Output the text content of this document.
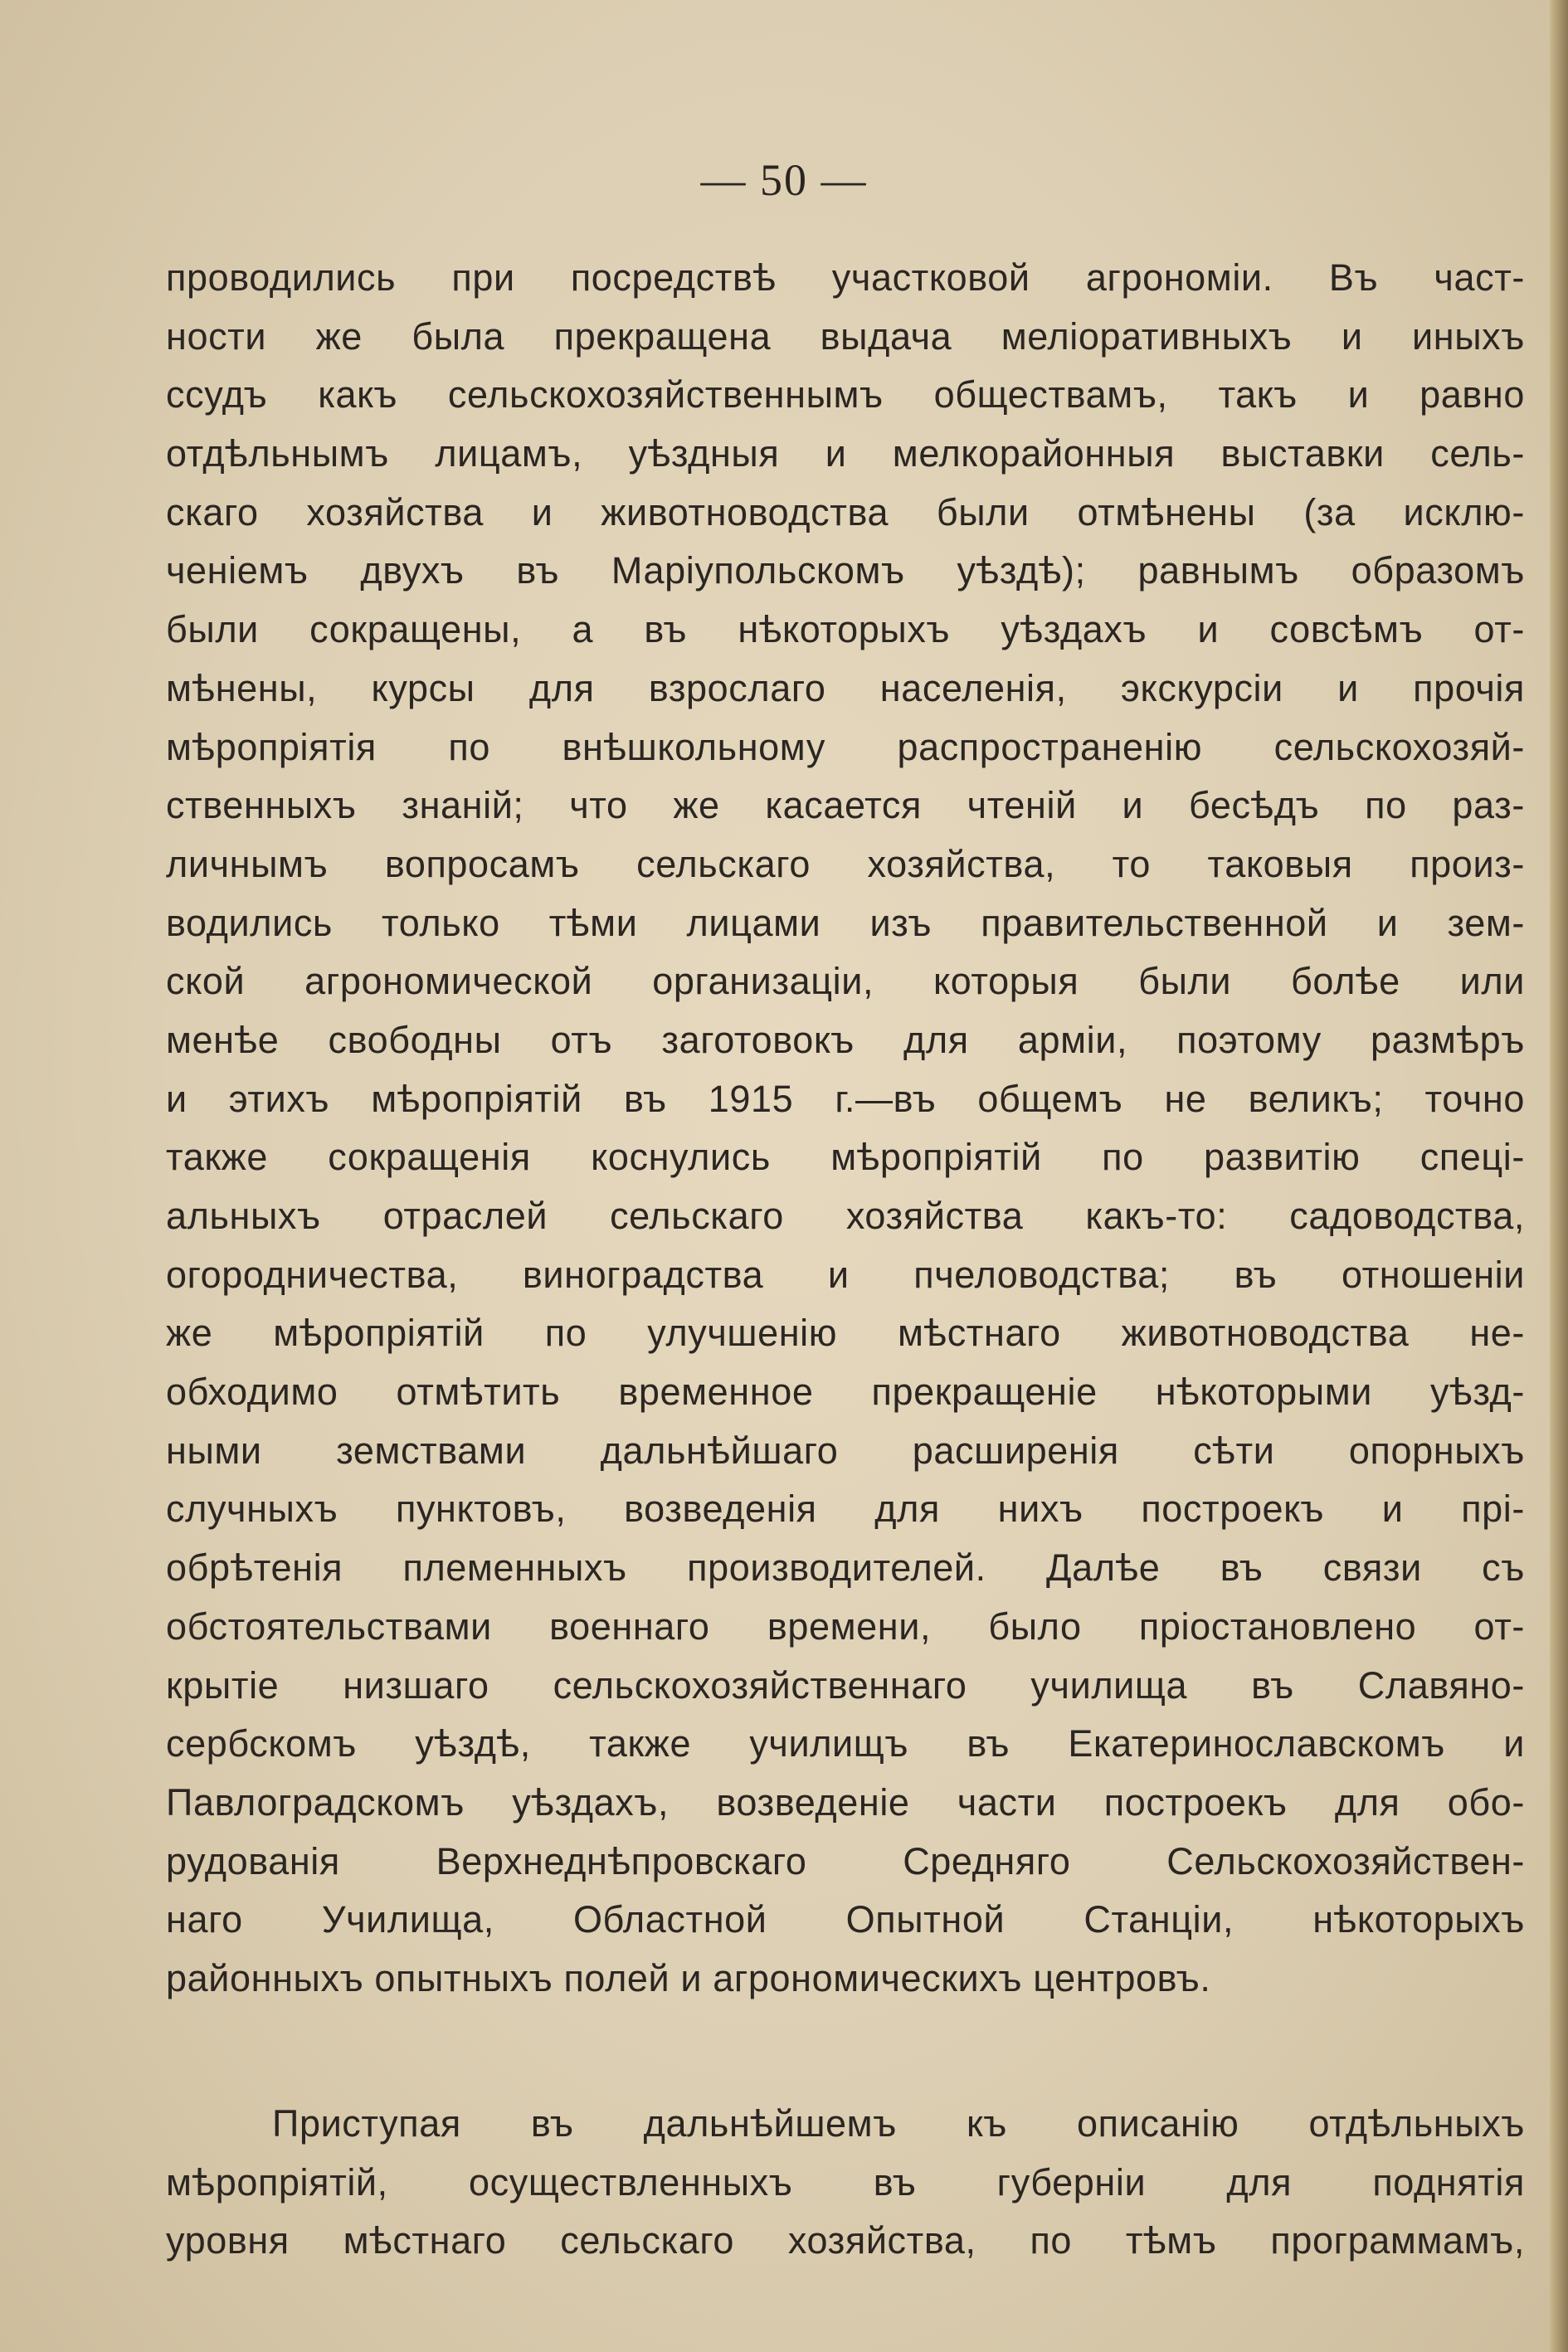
— 50 —
проводились при посредствѣ участковой агрономіи. Въ част-
ности же была прекращена выдача меліоративныхъ и иныхъ
ссудъ какъ сельскохозяйственнымъ обществамъ, такъ и равно
отдѣльнымъ лицамъ, уѣздныя и мелкорайонныя выставки сель-
скаго хозяйства и животноводства были отмѣнены (за исклю-
ченіемъ двухъ въ Маріупольскомъ уѣздѣ); равнымъ образомъ
были сокращены, а въ нѣкоторыхъ уѣздахъ и совсѣмъ от-
мѣнены, курсы для взрослаго населенія, экскурсіи и прочія
мѣропріятія по внѣшкольному распространенію сельскохозяй-
ственныхъ знаній; что же касается чтеній и бесѣдъ по раз-
личнымъ вопросамъ сельскаго хозяйства, то таковыя произ-
водились только тѣми лицами изъ правительственной и зем-
ской агрономической организаціи, которыя были болѣе или
менѣе свободны отъ заготовокъ для арміи, поэтому размѣръ
и этихъ мѣропріятій въ 1915 г.—въ общемъ не великъ; точно
также сокращенія коснулись мѣропріятій по развитію спеці-
альныхъ отраслей сельскаго хозяйства какъ-то: садоводства,
огородничества, виноградства и пчеловодства; въ отношеніи
же мѣропріятій по улучшенію мѣстнаго животноводства не-
обходимо отмѣтить временное прекращеніе нѣкоторыми уѣзд-
ными земствами дальнѣйшаго расширенія сѣти опорныхъ
случныхъ пунктовъ, возведенія для нихъ построекъ и прі-
обрѣтенія племенныхъ производителей. Далѣе въ связи съ
обстоятельствами военнаго времени, было пріостановлено от-
крытіе низшаго сельскохозяйственнаго училища въ Славяно-
сербскомъ уѣздѣ, также училищъ въ Екатеринославскомъ и
Павлоградскомъ уѣздахъ, возведеніе части построекъ для обо-
рудованія Верхнеднѣпровскаго Средняго Сельскохозяйствен-
наго Училища, Областной Опытной Станціи, нѣкоторыхъ
районныхъ опытныхъ полей и агрономическихъ центровъ.
Приступая въ дальнѣйшемъ къ описанію отдѣльныхъ
мѣропріятій, осуществленныхъ въ губерніи для поднятія
уровня мѣстнаго сельскаго хозяйства, по тѣмъ программамъ,
